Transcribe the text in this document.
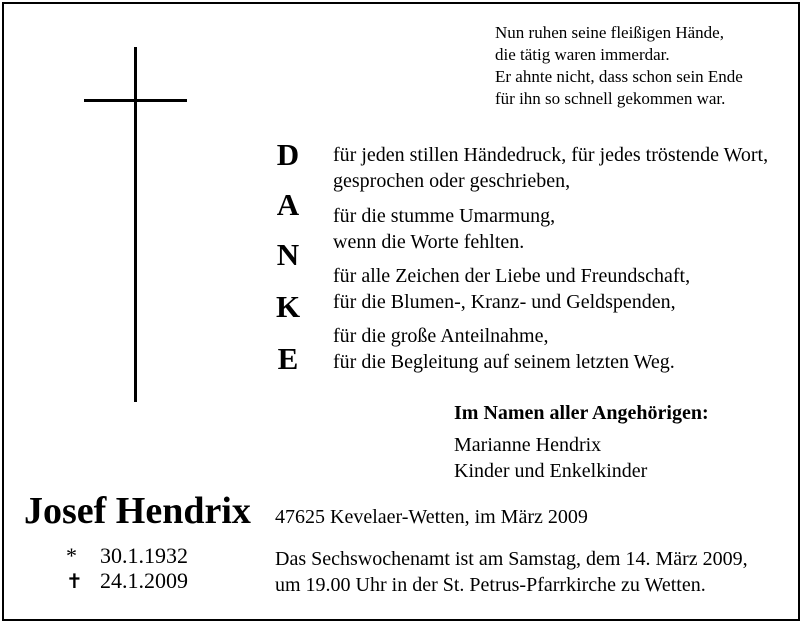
Nun ruhen seine fleißigen Hände,
die tätig waren immerdar.
Er ahnte nicht, dass schon sein Ende
für ihn so schnell gekommen war.
D
A
N
K
E
für jeden stillen Händedruck, für jedes tröstende Wort,
gesprochen oder geschrieben,
für die stumme Umarmung,
wenn die Worte fehlten.
für alle Zeichen der Liebe und Freundschaft,
für die Blumen-, Kranz- und Geldspenden,
für die große Anteilnahme,
für die Begleitung auf seinem letzten Weg.
Im Namen aller Angehörigen:
Marianne Hendrix
Kinder und Enkelkinder
Josef Hendrix 47625 Kevelaer-Wetten, im März 2009
* 30.1.1932
✝ 24.1.2009
Das Sechswochenamt ist am Samstag, dem 14. März 2009,
um 19.00 Uhr in der St. Petrus-Pfarrkirche zu Wetten.
